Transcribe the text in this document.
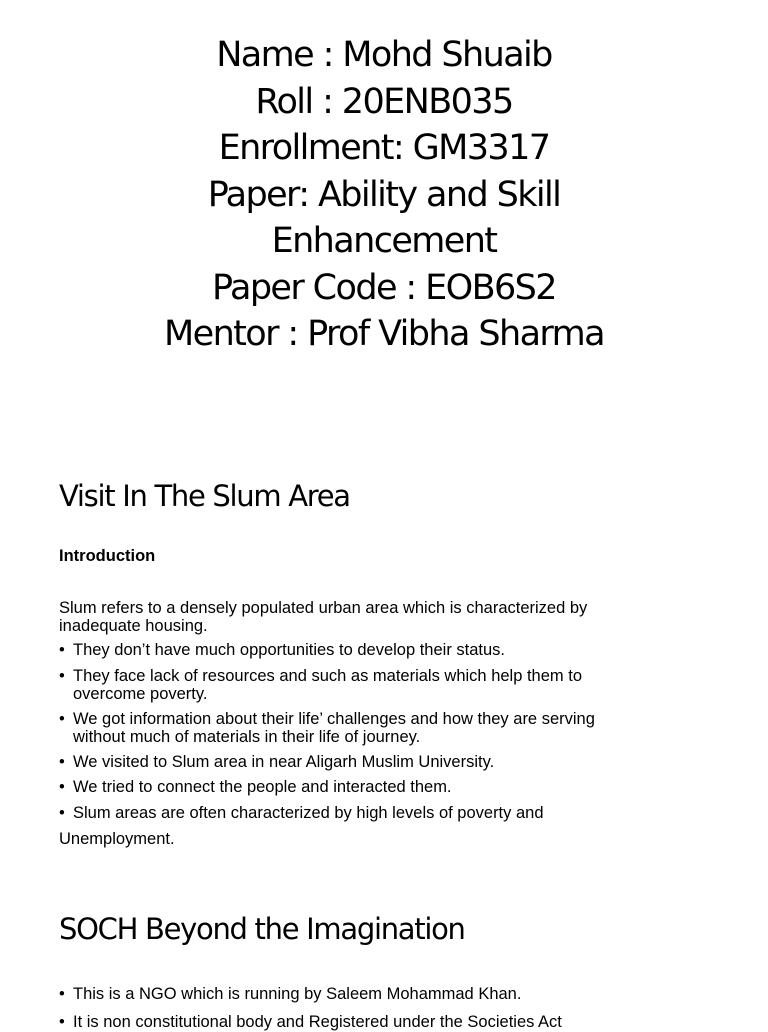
Name : Mohd Shuaib
Roll : 20ENB035
Enrollment: GM3317
Paper: Ability and Skill
Enhancement
Paper Code : EOB6S2
Mentor : Prof Vibha Sharma
Visit In The Slum Area
Introduction
Slum refers to a densely populated urban area which is characterized by
inadequate housing.
• They don’t have much opportunities to develop their status.
• They face lack of resources and such as materials which help them to
overcome poverty.
• We got information about their life’ challenges and how they are serving
without much of materials in their life of journey.
• We visited to Slum area in near Aligarh Muslim University.
• We tried to connect the people and interacted them.
• Slum areas are often characterized by high levels of poverty and
Unemployment.
SOCH Beyond the Imagination
• This is a NGO which is running by Saleem Mohammad Khan.
• It is non constitutional body and Registered under the Societies Act
